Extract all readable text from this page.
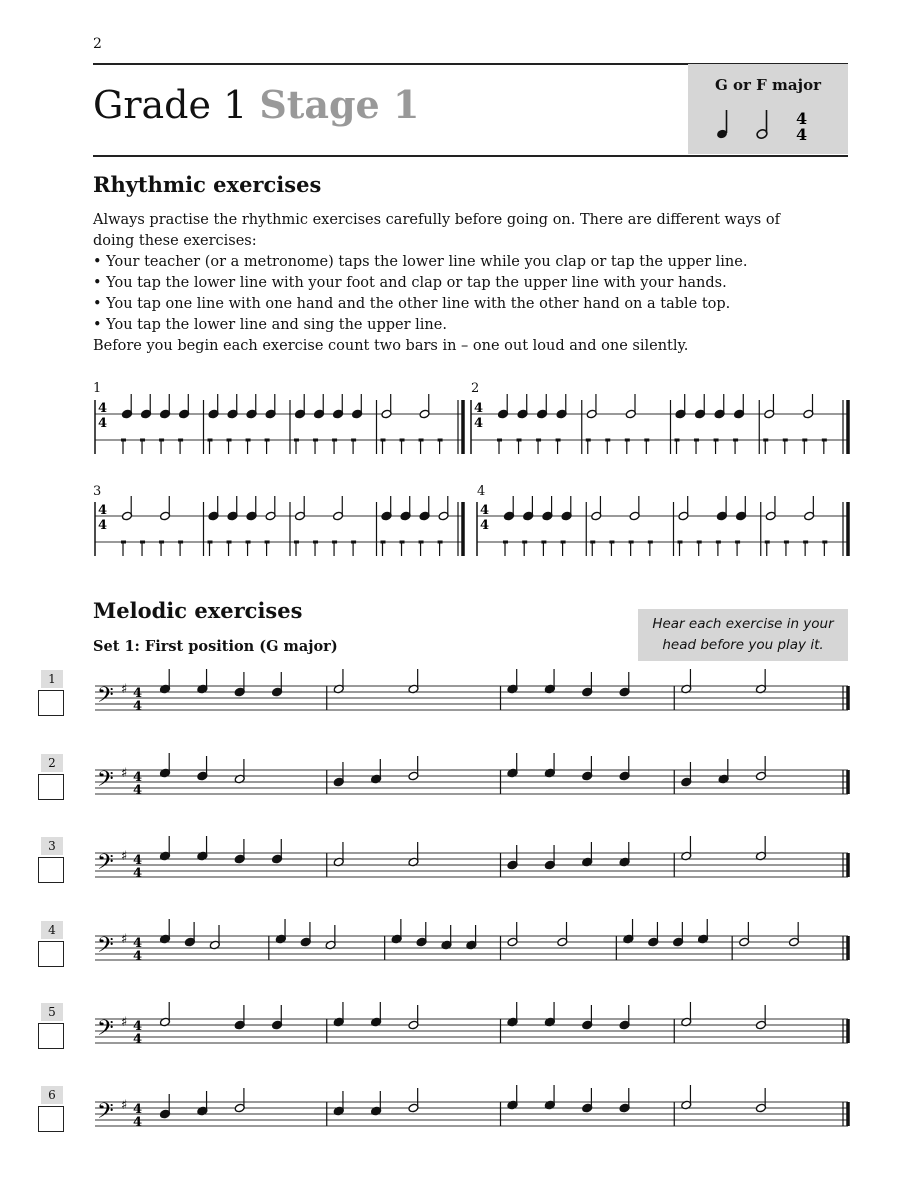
2
Grade 1 Stage 1	G or F major
4
4
Rhythmic exercises

Always practise the rhythmic exercises carefully before going on. There are different ways of doing these exercises:

• Your teacher (or a metronome) taps the lower line while you clap or tap the upper line.

• You tap the lower line with your foot and clap or tap the upper line with your hands.

• You tap one line with one hand and the other line with the other hand on a table top.

• You tap the lower line and sing the upper line.

Before you begin each exercise count two bars in – one out loud and one silently.

1	2
3	4
4
4
4
4
4
4
4
4
Melodic exercises
Set 1: First position (G major)
Hear each exercise in your head before you play it.
1
2
3
4
5
6
𝄢 ♯ 4
4
𝄢 ♯ 4
4
𝄢 ♯ 4
4
𝄢 ♯ 4
4
𝄢 ♯ 4
4
𝄢 ♯ 4
4
